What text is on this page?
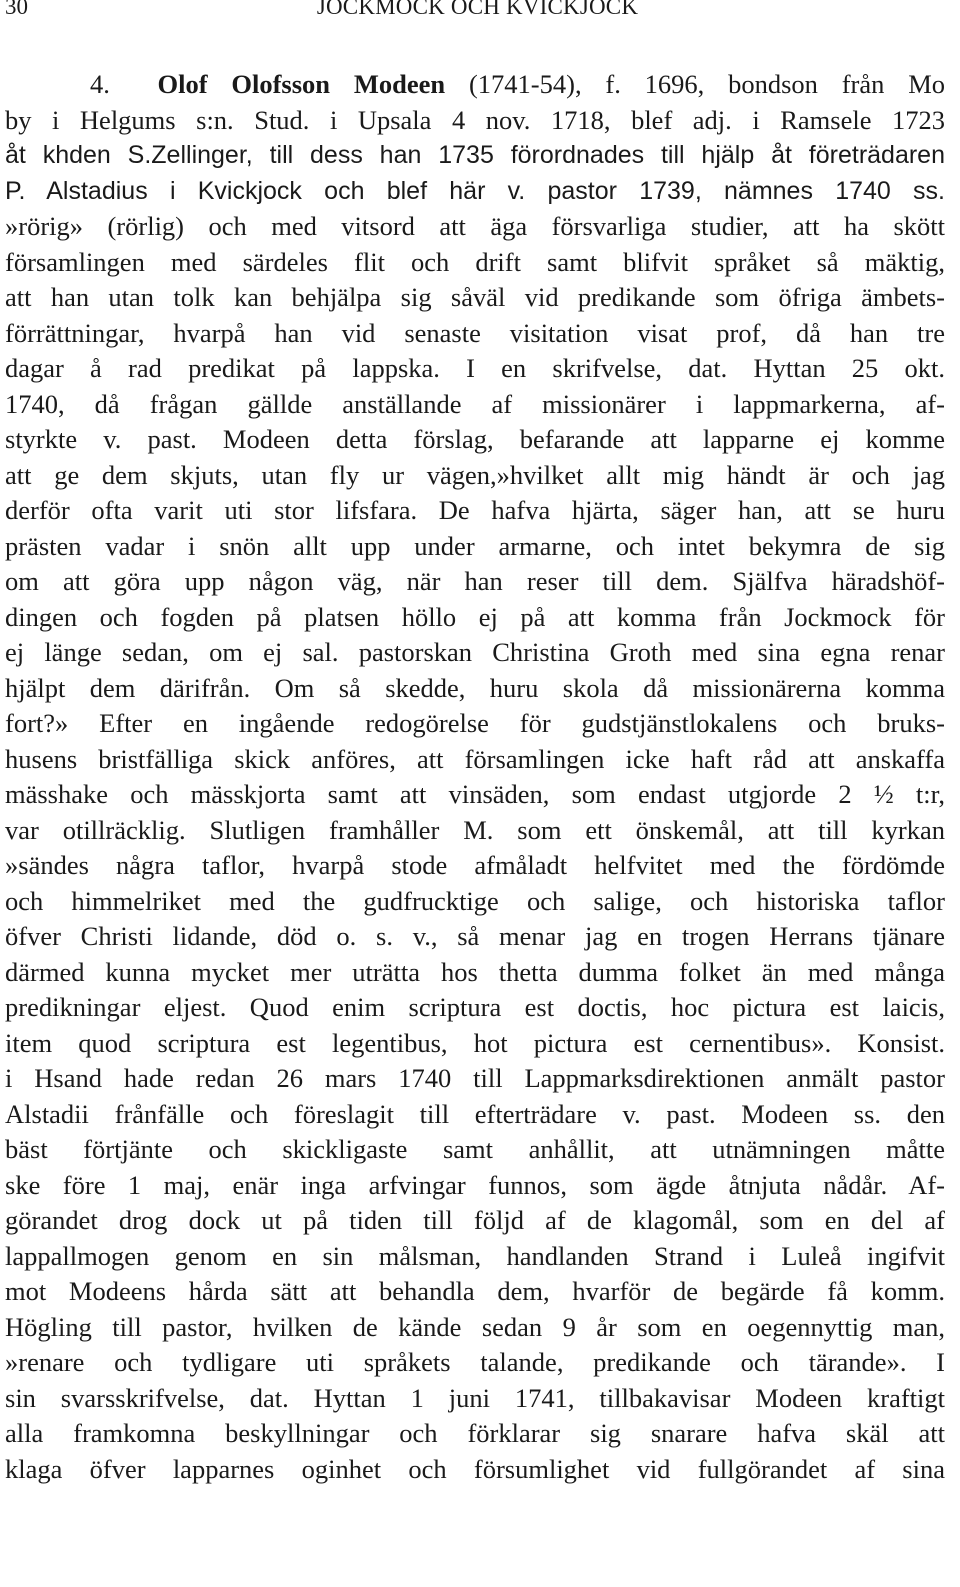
30	JOCKMOCK OCH KVICKJOCK
4. Olof Olofsson Modeen (1741-54), f. 1696, bondson från Mo
by i Helgums s:n. Stud. i Upsala 4 nov. 1718, blef adj. i Ramsele 1723
åt khden S.Zellinger, till dess han 1735 förordnades till hjälp åt företrädaren
P. Alstadius i Kvickjock och blef här v. pastor 1739, nämnes 1740 ss.
»rörig» (rörlig) och med vitsord att äga försvarliga studier, att ha skött
församlingen med särdeles flit och drift samt blifvit språket så mäktig,
att han utan tolk kan behjälpa sig såväl vid predikande som öfriga ämbets-
förrättningar, hvarpå han vid senaste visitation visat prof, då han tre
dagar å rad predikat på lappska. I en skrifvelse, dat. Hyttan 25 okt.
1740, då frågan gällde anställande af missionärer i lappmarkerna, af-
styrkte v. past. Modeen detta förslag, befarande att lapparne ej komme
att ge dem skjuts, utan fly ur vägen,»hvilket allt mig händt är och jag
derför ofta varit uti stor lifsfara. De hafva hjärta, säger han, att se huru
prästen vadar i snön allt upp under armarne, och intet bekymra de sig
om att göra upp någon väg, när han reser till dem. Själfva häradshöf-
dingen och fogden på platsen höllo ej på att komma från Jockmock för
ej länge sedan, om ej sal. pastorskan Christina Groth med sina egna renar
hjälpt dem därifrån. Om så skedde, huru skola då missionärerna komma
fort?» Efter en ingående redogörelse för gudstjänstlokalens och bruks-
husens bristfälliga skick anföres, att församlingen icke haft råd att anskaffa
mässhake och mässkjorta samt att vinsäden, som endast utgjorde 2 ½ t:r,
var otillräcklig. Slutligen framhåller M. som ett önskemål, att till kyrkan
»sändes några taflor, hvarpå stode afmåladt helfvitet med the fördömde
och himmelriket med the gudfrucktige och salige, och historiska taflor
öfver Christi lidande, död o. s. v., så menar jag en trogen Herrans tjänare
därmed kunna mycket mer uträtta hos thetta dumma folket än med många
predikningar eljest. Quod enim scriptura est doctis, hoc pictura est laicis,
item quod scriptura est legentibus, hot pictura est cernentibus». Konsist.
i Hsand hade redan 26 mars 1740 till Lappmarksdirektionen anmält pastor
Alstadii frånfälle och föreslagit till efterträdare v. past. Modeen ss. den
bäst förtjänte och skickligaste samt anhållit, att utnämningen måtte
ske före 1 maj, enär inga arfvingar funnos, som ägde åtnjuta nådår. Af-
görandet drog dock ut på tiden till följd af de klagomål, som en del af
lappallmogen genom en sin målsman, handlanden Strand i Luleå ingifvit
mot Modeens hårda sätt att behandla dem, hvarför de begärde få komm.
Högling till pastor, hvilken de kände sedan 9 år som en oegennyttig man,
»renare och tydligare uti språkets talande, predikande och tärande». I
sin svarsskrifvelse, dat. Hyttan 1 juni 1741, tillbakavisar Modeen kraftigt
alla framkomna beskyllningar och förklarar sig snarare hafva skäl att
klaga öfver lapparnes oginhet och försumlighet vid fullgörandet af sina
